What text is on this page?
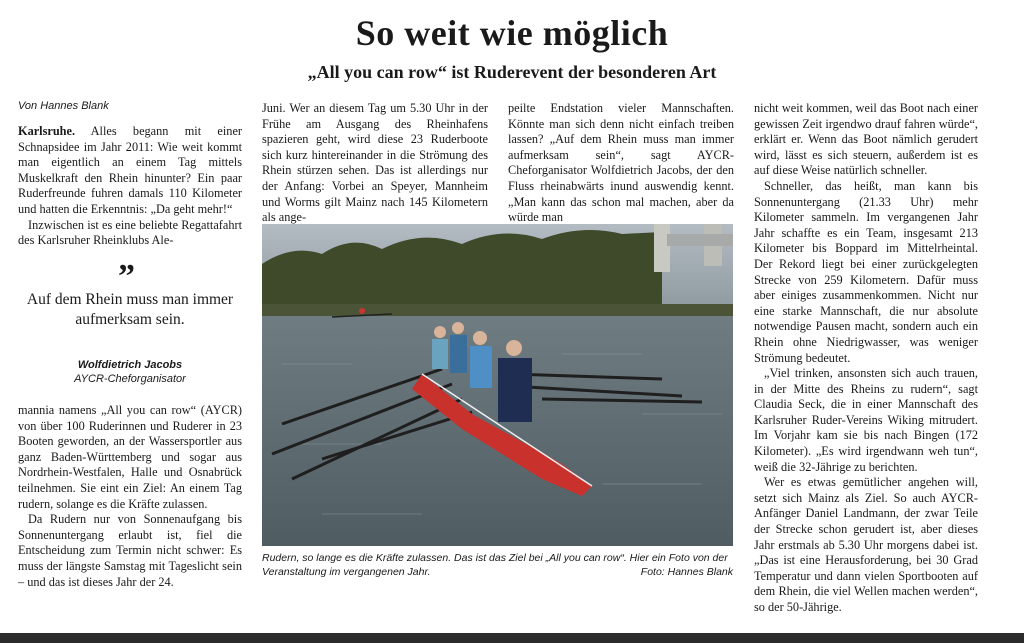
So weit wie möglich
„All you can row“ ist Ruderevent der besonderen Art
Von Hannes Blank

Karlsruhe. Alles begann mit einer Schnapsidee im Jahr 2011: Wie weit kommt man eigentlich an einem Tag mittels Muskelkraft den Rhein hinunter? Ein paar Ruderfreunde fuhren damals 110 Kilometer und hatten die Erkenntnis: „Da geht mehr!“

Inzwischen ist es eine beliebte Regattafahrt des Karlsruher Rheinklubs Ale-

”
Auf dem Rhein muss man immer aufmerksam sein.
Wolfdietrich Jacobs
AYCR-Cheforganisator

mannia namens „All you can row“ (AYCR) von über 100 Ruderinnen und Ruderer in 23 Booten geworden, an der Wassersportler aus ganz Baden-Württemberg und sogar aus Nordrhein-Westfalen, Halle und Osnabrück teilnehmen. Sie eint ein Ziel: An einem Tag rudern, solange es die Kräfte zulassen.

Da Rudern nur von Sonnenaufgang bis Sonnenuntergang erlaubt ist, fiel die Entscheidung zum Termin nicht schwer: Es muss der längste Samstag mit Tageslicht sein – und das ist dieses Jahr der 24.

Juni. Wer an diesem Tag um 5.30 Uhr in der Frühe am Ausgang des Rheinhafens spazieren geht, wird diese 23 Ruderboote sich kurz hintereinander in die Strömung des Rhein stürzen sehen. Das ist allerdings nur der Anfang: Vorbei an Speyer, Mannheim und Worms gilt Mainz nach 145 Kilometern als ange-

peilte Endstation vieler Mannschaften. Könnte man sich denn nicht einfach treiben lassen? „Auf dem Rhein muss man immer aufmerksam sein“, sagt AYCR-Cheforganisator Wolfdietrich Jacobs, der den Fluss rheinabwärts inund auswendig kennt. „Man kann das schon mal machen, aber da würde man

nicht weit kommen, weil das Boot nach einer gewissen Zeit irgendwo drauf fahren würde“, erklärt er. Wenn das Boot nämlich gerudert wird, lässt es sich steuern, außerdem ist es auf diese Weise natürlich schneller.

Schneller, das heißt, man kann bis Sonnenuntergang (21.33 Uhr) mehr Kilometer sammeln. Im vergangenen Jahr Jahr schaffte es ein Team, insgesamt 213 Kilometer bis Boppard im Mittelrheintal. Der Rekord liegt bei einer zurückgelegten Strecke von 259 Kilometern. Dafür muss aber einiges zusammenkommen. Nicht nur eine starke Mannschaft, die nur absolute notwendige Pausen macht, sondern auch ein Rhein ohne Niedrigwasser, was weniger Strömung bedeutet.

„Viel trinken, ansonsten sich auch trauen, in der Mitte des Rheins zu rudern“, sagt Claudia Seck, die in einer Mannschaft des Karlsruher Ruder-Vereins Wiking mitrudert. Im Vorjahr kam sie bis nach Bingen (172 Kilometer). „Es wird irgendwann weh tun“, weiß die 32-Jährige zu berichten.

Wer es etwas gemütlicher angehen will, setzt sich Mainz als Ziel. So auch AYCR-Anfänger Daniel Landmann, der zwar Teile der Strecke schon gerudert ist, aber dieses Jahr erstmals ab 5.30 Uhr morgens dabei ist. „Das ist eine Herausforderung, bei 30 Grad Temperatur und dann vielen Sportbooten auf dem Rhein, die viel Wellen machen werden“, so der 50-Jährige.

Rudern, so lange es die Kräfte zulassen. Das ist das Ziel bei „All you can row“. Hier ein Foto von der Veranstaltung im vergangenen Jahr.	Foto: Hannes Blank
